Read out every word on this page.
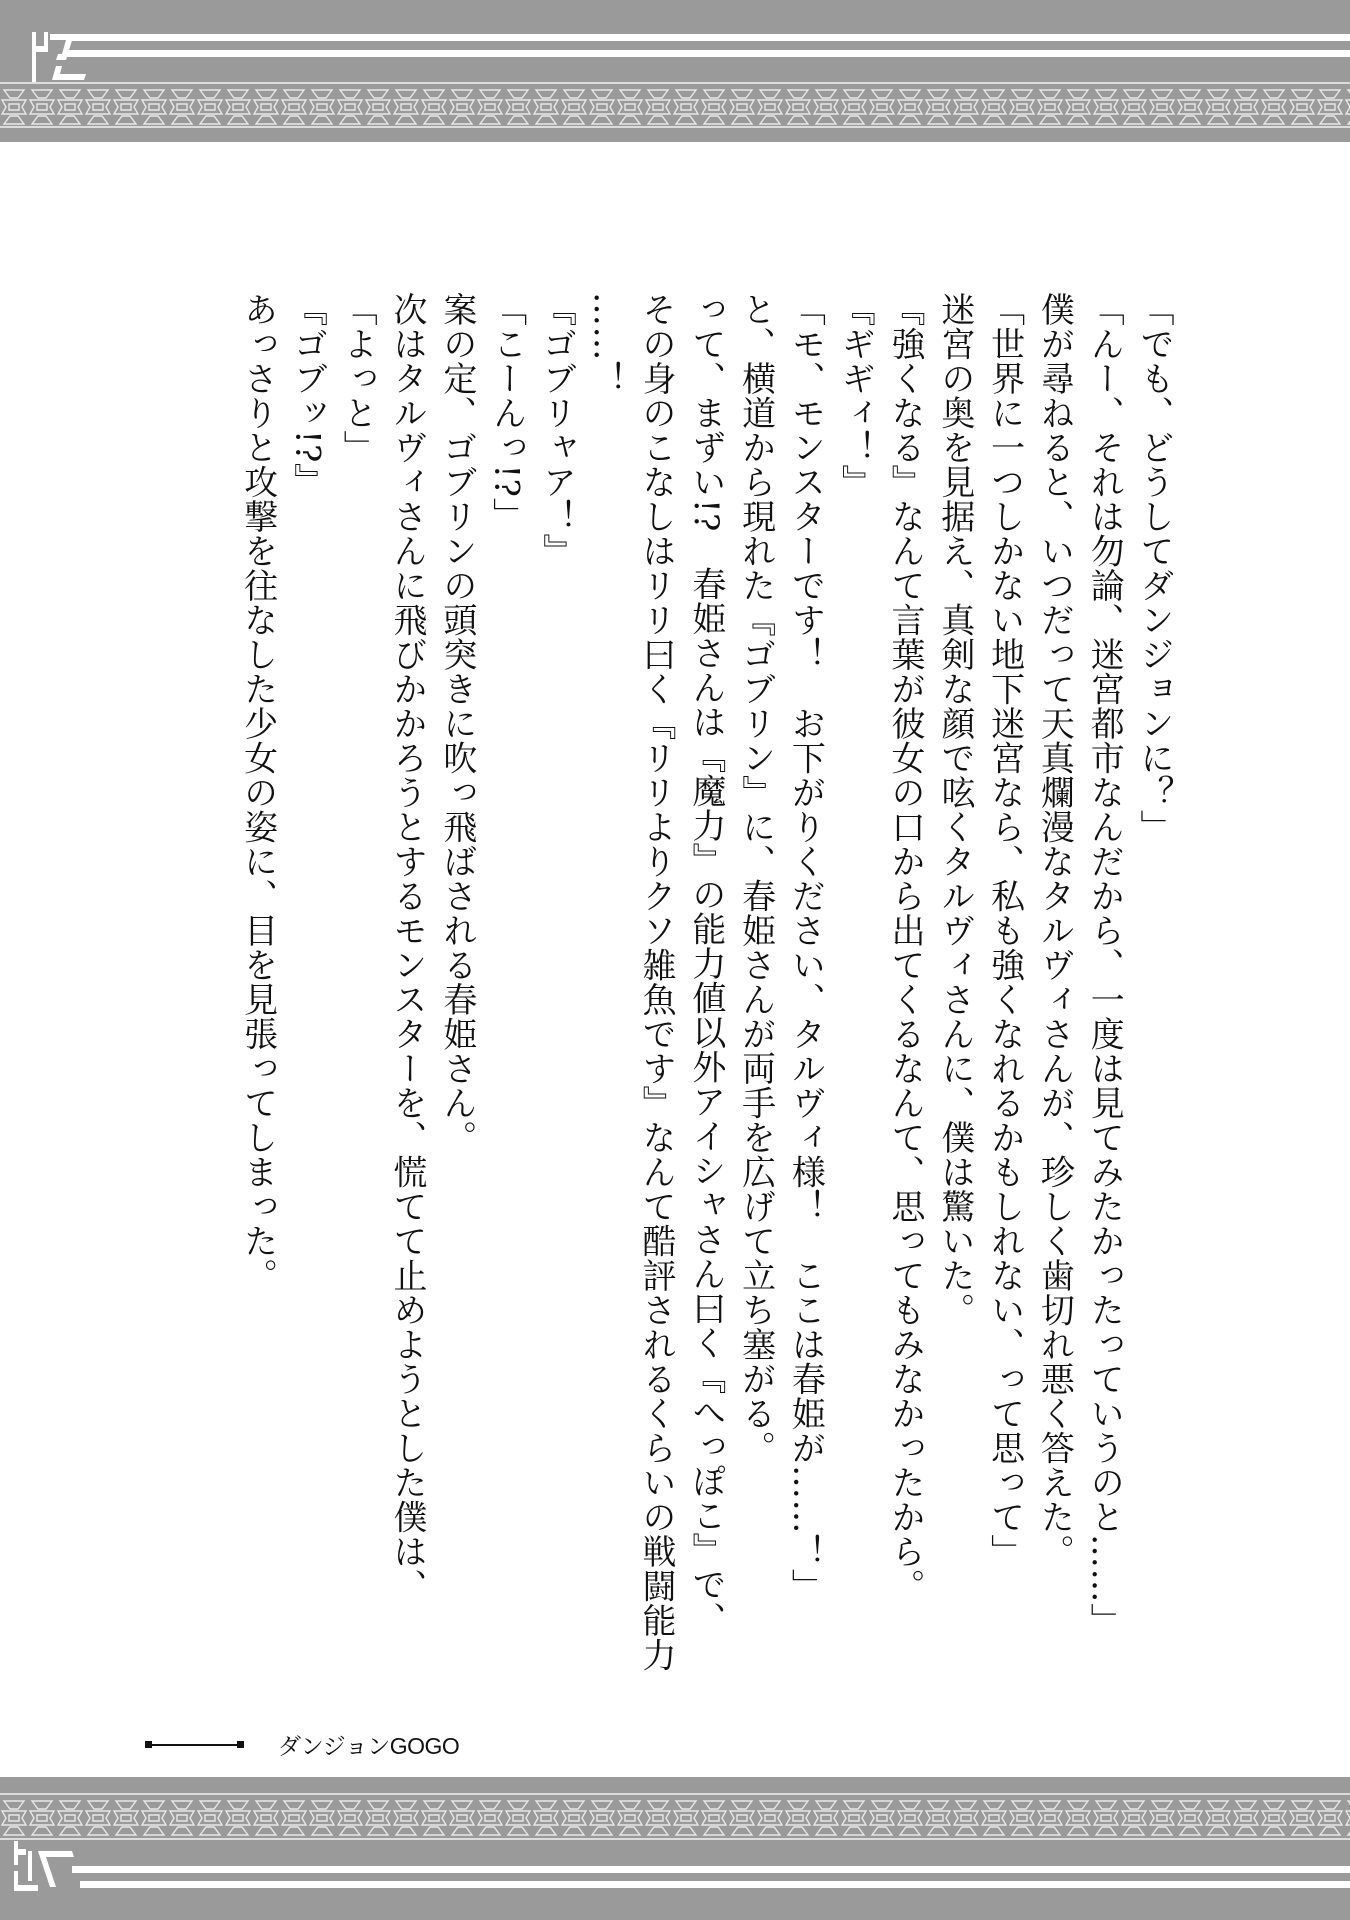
「でも、どうしてダンジョンに？」

「んー、それは勿論、迷宮都市なんだから、一度は見てみたかったっていうのと……」

僕が尋ねると、いつだって天真爛漫なタルヴィさんが、珍しく歯切れ悪く答えた。

「世界に一つしかない地下迷宮なら、私も強くなれるかもしれない、って思って」

迷宮の奥を見据え、真剣な顔で呟くタルヴィさんに、僕は驚いた。

『強くなる』なんて言葉が彼女の口から出てくるなんて、思ってもみなかったから。

『ギギィ！』

「モ、モンスターです！　お下がりください、タルヴィ様！　ここは春姫が……！」

と、横道から現れた『ゴブリン』に、春姫さんが両手を広げて立ち塞がる。

って、まずい!?　春姫さんは『魔力』の能力値以外アイシャさん曰く『へっぽこ』で、

その身のこなしはリリ曰く『リリよりクソ雑魚です』なんて酷評されるくらいの戦闘能力

……！

『ゴブリャア！』

「こーんっ!?」

案の定、ゴブリンの頭突きに吹っ飛ばされる春姫さん。

次はタルヴィさんに飛びかかろうとするモンスターを、慌てて止めようとした僕は、

「よっと」

『ゴブッ!?』

あっさりと攻撃を往なした少女の姿に、目を見張ってしまった。

ダンジョンGOGO
